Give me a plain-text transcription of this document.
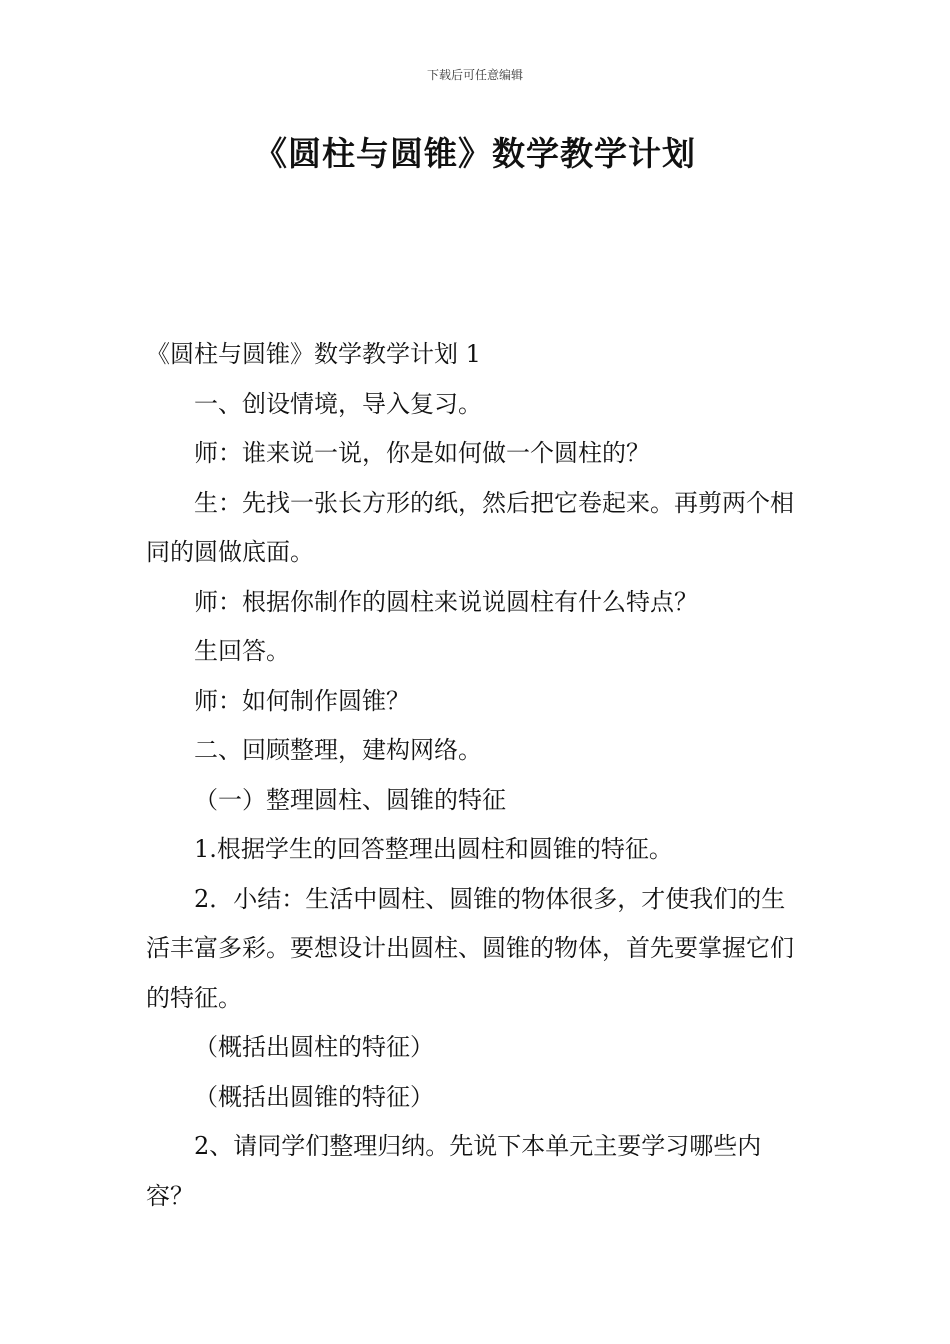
下载后可任意编辑
《圆柱与圆锥》数学教学计划

《圆柱与圆锥》数学教学计划 1

一、创设情境，导入复习。

师：谁来说一说，你是如何做一个圆柱的？

生：先找一张长方形的纸，然后把它卷起来。再剪两个相同的圆做底面。

师：根据你制作的圆柱来说说圆柱有什么特点？

生回答。

师：如何制作圆锥？

二、回顾整理，建构网络。

（一）整理圆柱、圆锥的特征

1.根据学生的回答整理出圆柱和圆锥的特征。

2．小结：生活中圆柱、圆锥的物体很多，才使我们的生活丰富多彩。要想设计出圆柱、圆锥的物体，首先要掌握它们的特征。

（概括出圆柱的特征）

（概括出圆锥的特征）

2、请同学们整理归纳。先说下本单元主要学习哪些内容？
